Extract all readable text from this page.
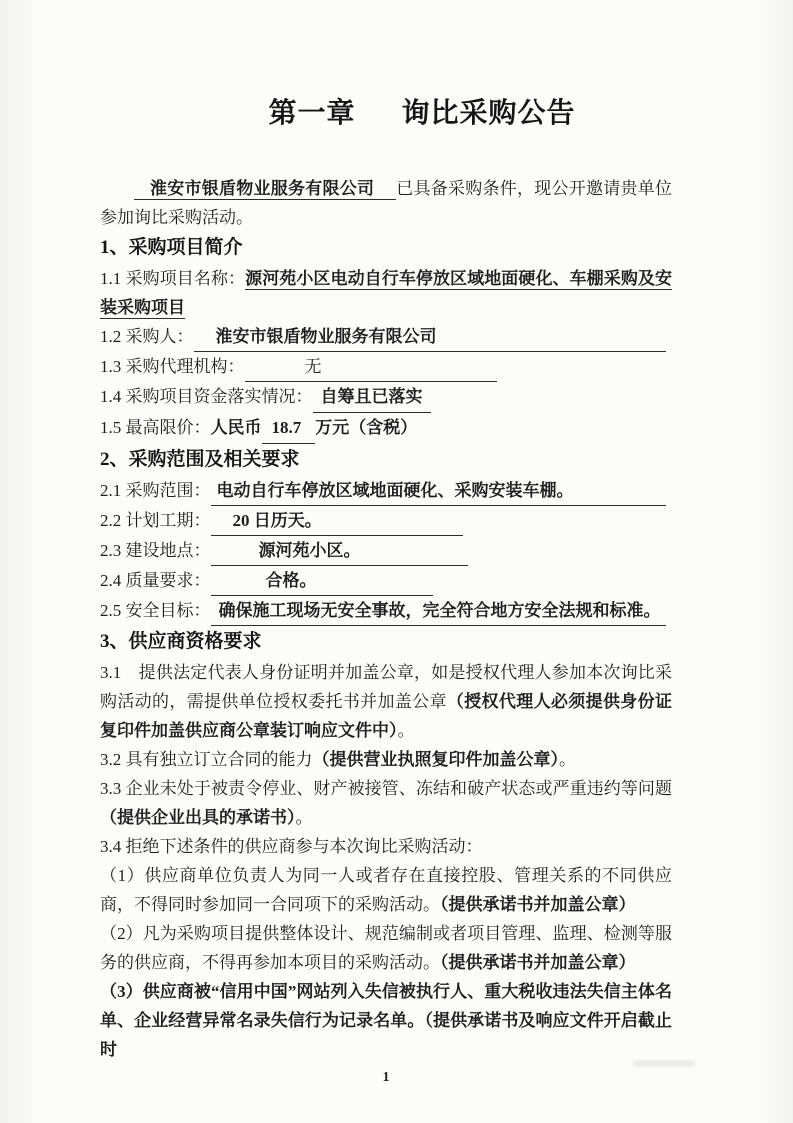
第一章 询比采购公告

淮安市银盾物业服务有限公司 已具备采购条件，现公开邀请贵单位参加询比采购活动。

1、采购项目简介

1.1 采购项目名称：源河苑小区电动自行车停放区域地面硬化、车棚采购及安装采购项目

1.2 采购人：	淮安市银盾物业服务有限公司
1.3 采购代理机构：	无
1.4 采购项目资金落实情况： 自筹且已落实
1.5 最高限价： 人民币 18.7 万元（含税）
2、采购范围及相关要求
2.1 采购范围： 电动自行车停放区域地面硬化、采购安装车棚。
2.2 计划工期：	20 日历天。
2.3 建设地点：	源河苑小区。
2.4 质量要求：	合格。
2.5 安全目标： 确保施工现场无安全事故，完全符合地方安全法规和标准。
3、供应商资格要求

3.1　提供法定代表人身份证明并加盖公章，如是授权代理人参加本次询比采购活动的，需提供单位授权委托书并加盖公章（授权代理人必须提供身份证复印件加盖供应商公章装订响应文件中）。

3.2 具有独立订立合同的能力（提供营业执照复印件加盖公章）。

3.3 企业未处于被责令停业、财产被接管、冻结和破产状态或严重违约等问题（提供企业出具的承诺书）。

3.4 拒绝下述条件的供应商参与本次询比采购活动：

（1）供应商单位负责人为同一人或者存在直接控股、管理关系的不同供应商，不得同时参加同一合同项下的采购活动。（提供承诺书并加盖公章）

（2）凡为采购项目提供整体设计、规范编制或者项目管理、监理、检测等服务的供应商，不得再参加本项目的采购活动。（提供承诺书并加盖公章）

（3）供应商被“信用中国”网站列入失信被执行人、重大税收违法失信主体名单、企业经营异常名录失信行为记录名单。（提供承诺书及响应文件开启截止时

1
